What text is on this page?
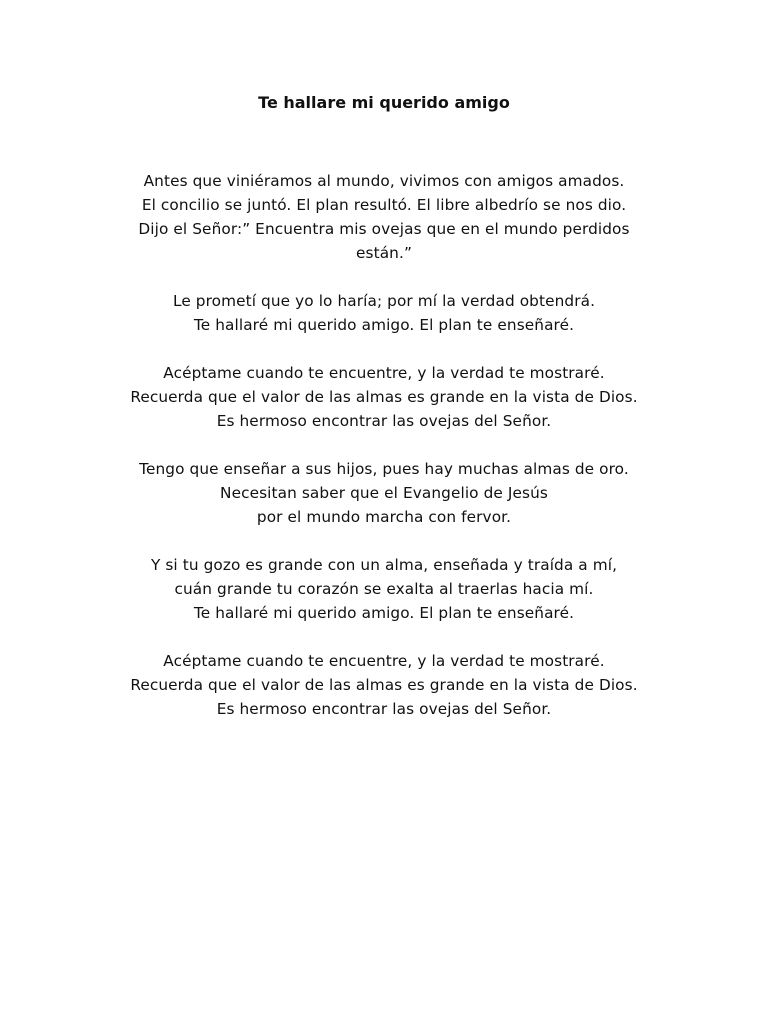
Te hallare mi querido amigo
Antes que viniéramos al mundo, vivimos con amigos amados.
El concilio se juntó. El plan resultó. El libre albedrío se nos dio.
Dijo el Señor:” Encuentra mis ovejas que en el mundo perdidos
están.”
Le prometí que yo lo haría; por mí la verdad obtendrá.
Te hallaré mi querido amigo. El plan te enseñaré.
Acéptame cuando te encuentre, y la verdad te mostraré.
Recuerda que el valor de las almas es grande en la vista de Dios.
Es hermoso encontrar las ovejas del Señor.
Tengo que enseñar a sus hijos, pues hay muchas almas de oro.
Necesitan saber que el Evangelio de Jesús
por el mundo marcha con fervor.
Y si tu gozo es grande con un alma, enseñada y traída a mí,
cuán grande tu corazón se exalta al traerlas hacia mí.
Te hallaré mi querido amigo. El plan te enseñaré.
Acéptame cuando te encuentre, y la verdad te mostraré.
Recuerda que el valor de las almas es grande en la vista de Dios.
Es hermoso encontrar las ovejas del Señor.
